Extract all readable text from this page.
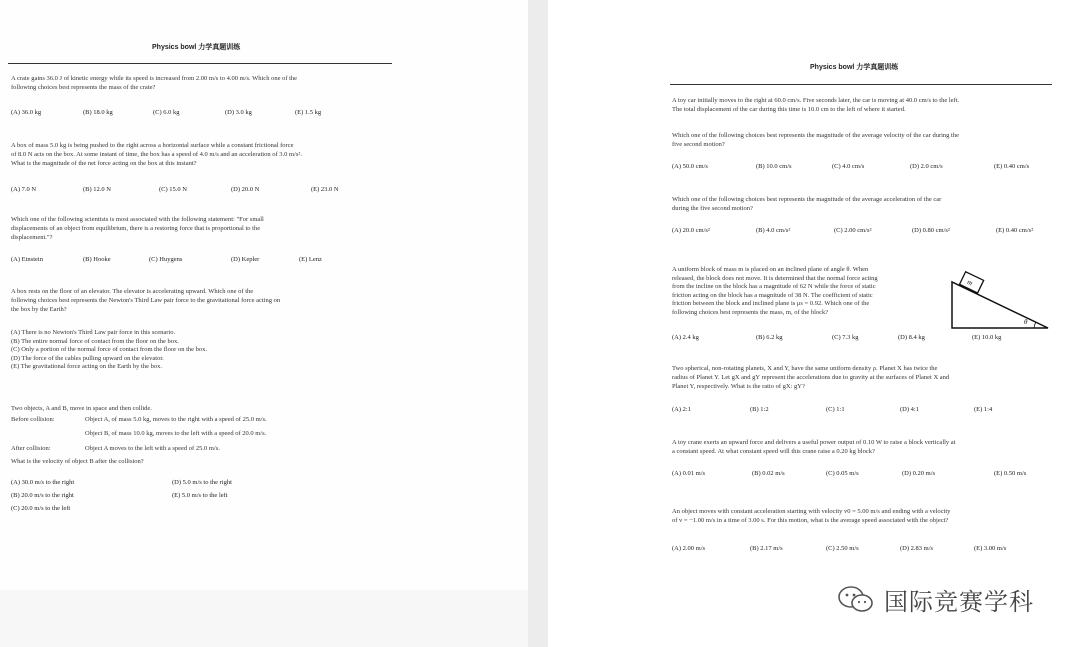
Physics bowl 力学真题训练
A crate gains 36.0 J of kinetic energy while its speed is increased from 2.00 m/s to 4.00 m/s. Which one of the
following choices best represents the mass of the crate?
(A) 36.0 kg	(B) 18.0 kg	(C) 6.0 kg	(D) 3.0 kg	(E) 1.5 kg
A box of mass 5.0 kg is being pushed to the right across a horizontal surface while a constant frictional force
of 8.0 N acts on the box. At some instant of time, the box has a speed of 4.0 m/s and an acceleration of 3.0 m/s².
What is the magnitude of the net force acting on the box at this instant?
(A) 7.0 N	(B) 12.0 N	(C) 15.0 N	(D) 20.0 N	(E) 23.0 N
Which one of the following scientists is most associated with the following statement: "For small
displacements of an object from equilibrium, there is a restoring force that is proportional to the
displacement."?
(A) Einstein	(B) Hooke	(C) Huygens	(D) Kepler	(E) Lenz
A box rests on the floor of an elevator. The elevator is accelerating upward. Which one of the
following choices best represents the Newton's Third Law pair force to the gravitational force acting on
the box by the Earth?
(A) There is no Newton's Third Law pair force in this scenario.
(B) The entire normal force of contact from the floor on the box.
(C) Only a portion of the normal force of contact from the floor on the box.
(D) The force of the cables pulling upward on the elevator.
(E) The gravitational force acting on the Earth by the box.
Two objects, A and B, move in space and then collide.
Before collision:	Object A, of mass 5.0 kg, moves to the right with a speed of 25.0 m/s.
Object B, of mass 10.0 kg, moves to the left with a speed of 20.0 m/s.
After collision:	Object A moves to the left with a speed of 25.0 m/s.
What is the velocity of object B after the collision?
(A) 30.0 m/s to the right
(B) 20.0 m/s to the right
(C) 20.0 m/s to the left
(D) 5.0 m/s to the right
(E) 5.0 m/s to the left
Physics bowl 力学真题训练
A toy car initially moves to the right at 60.0 cm/s. Five seconds later, the car is moving at 40.0 cm/s to the left.
The total displacement of the car during this time is 10.0 cm to the left of where it started.
Which one of the following choices best represents the magnitude of the average velocity of the car during the
five second motion?
(A) 50.0 cm/s	(B) 10.0 cm/s	(C) 4.0 cm/s	(D) 2.0 cm/s	(E) 0.40 cm/s
Which one of the following choices best represents the magnitude of the average acceleration of the car
during the five second motion?
(A) 20.0 cm/s²	(B) 4.0 cm/s²	(C) 2.00 cm/s²	(D) 0.80 cm/s²	(E) 0.40 cm/s²
A uniform block of mass m is placed on an inclined plane of angle θ. When
released, the block does not move. It is determined that the normal force acting
from the incline on the block has a magnitude of 62 N while the force of static
friction acting on the block has a magnitude of 38 N. The coefficient of static
friction between the block and inclined plane is μs = 0.92. Which one of the
following choices best represents the mass, m, of the block?
m
θ
(A) 2.4 kg	(B) 6.2 kg	(C) 7.3 kg	(D) 8.4 kg	(E) 10.0 kg
Two spherical, non-rotating planets, X and Y, have the same uniform density ρ. Planet X has twice the
radius of Planet Y. Let gX and gY represent the accelerations due to gravity at the surfaces of Planet X and
Planet Y, respectively. What is the ratio of gX: gY?
(A) 2:1	(B) 1:2	(C) 1:1	(D) 4:1	(E) 1:4
A toy crane exerts an upward force and delivers a useful power output of 0.10 W to raise a block vertically at
a constant speed. At what constant speed will this crane raise a 0.20 kg block?
(A) 0.01 m/s	(B) 0.02 m/s	(C) 0.05 m/s	(D) 0.20 m/s	(E) 0.50 m/s
An object moves with constant acceleration starting with velocity v0 = 5.00 m/s and ending with a velocity
of v = −1.00 m/s in a time of 3.00 s. For this motion, what is the average speed associated with the object?
(A) 2.00 m/s	(B) 2.17 m/s	(C) 2.50 m/s	(D) 2.83 m/s	(E) 3.00 m/s
国际竞赛学科
